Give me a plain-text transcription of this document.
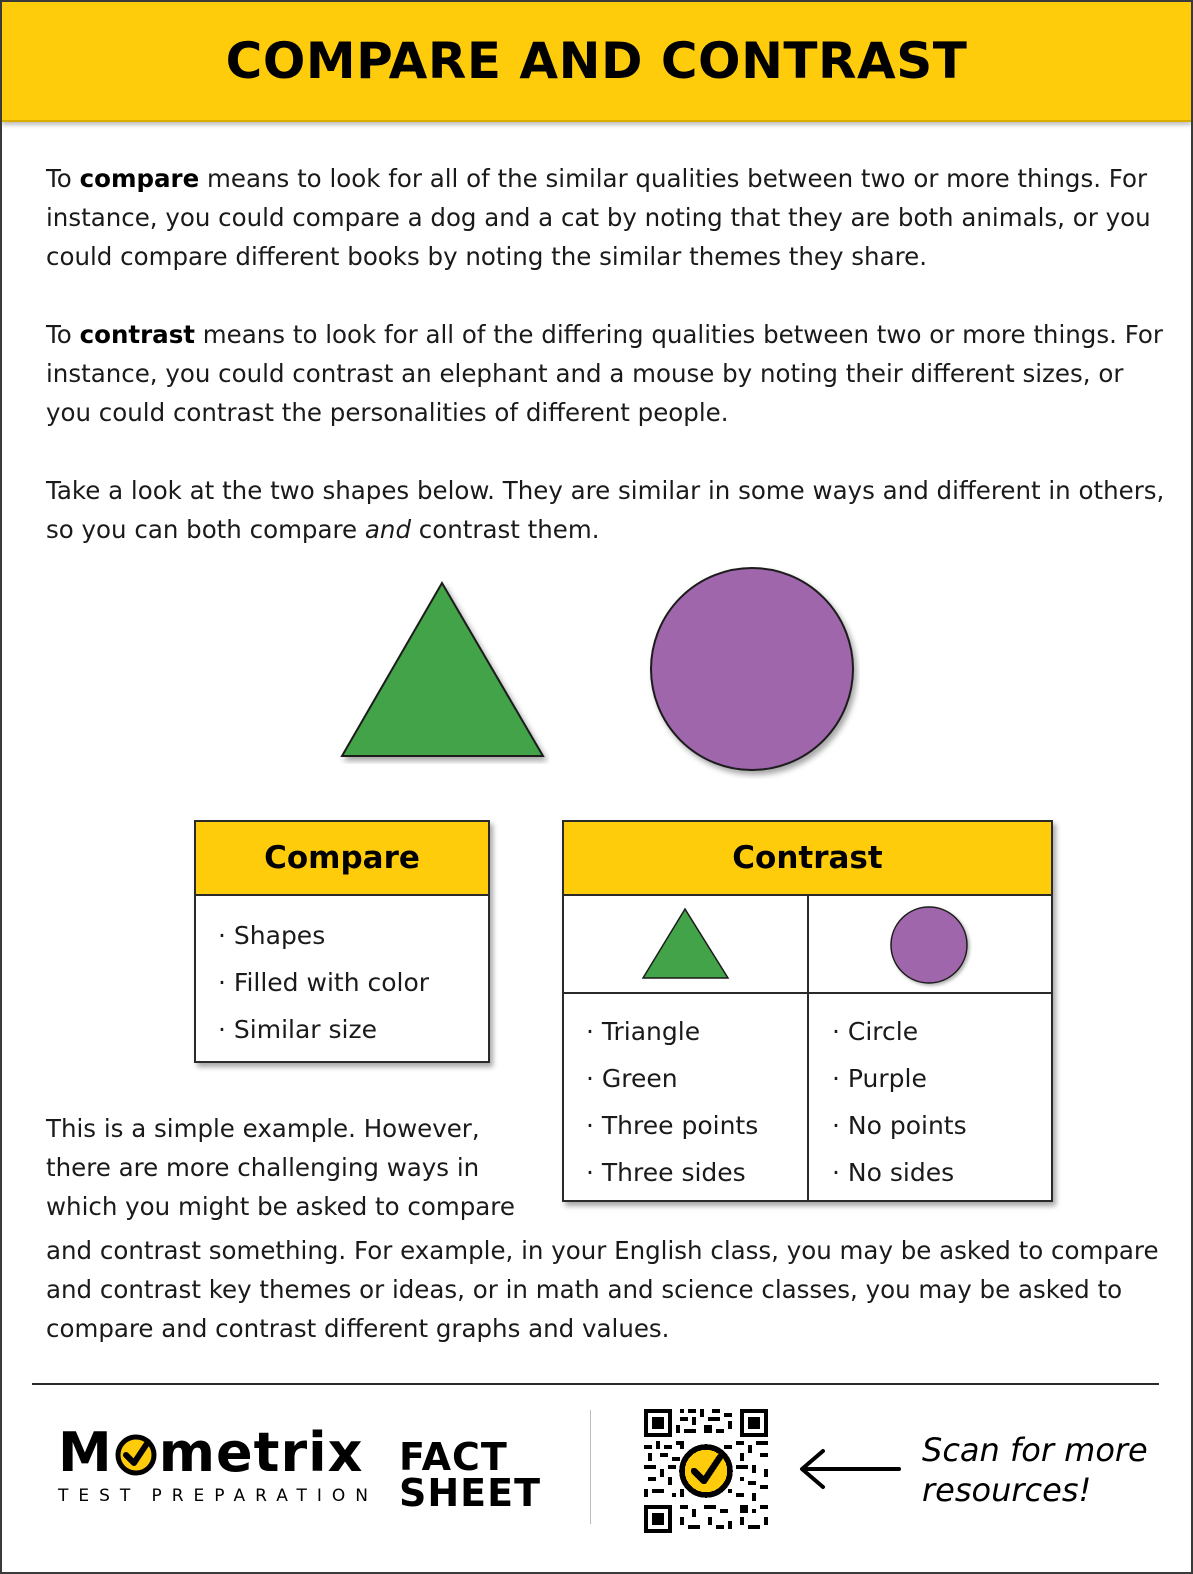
COMPARE AND CONTRAST

To compare means to look for all of the similar qualities between two or more things. For instance, you could compare a dog and a cat by noting that they are both animals, or you could compare different books by noting the similar themes they share.

To contrast means to look for all of the differing qualities between two or more things. For instance, you could contrast an elephant and a mouse by noting their different sizes, or you could contrast the personalities of different people.

Take a look at the two shapes below. They are similar in some ways and different in others, so you can both compare and contrast them.

Compare
· Shapes
· Filled with color
· Similar size
Contrast
· Triangle
· Green
· Three points
· Three sides
· Circle
· Purple
· No points
· No sides

This is a simple example. However, there are more challenging ways in which you might be asked to compare

and contrast something. For example, in your English class, you may be asked to compare and contrast key themes or ideas, or in math and science classes, you may be asked to compare and contrast different graphs and values.

M metrix
TEST PREPARATION
FACT
SHEET
Scan for more
resources!
